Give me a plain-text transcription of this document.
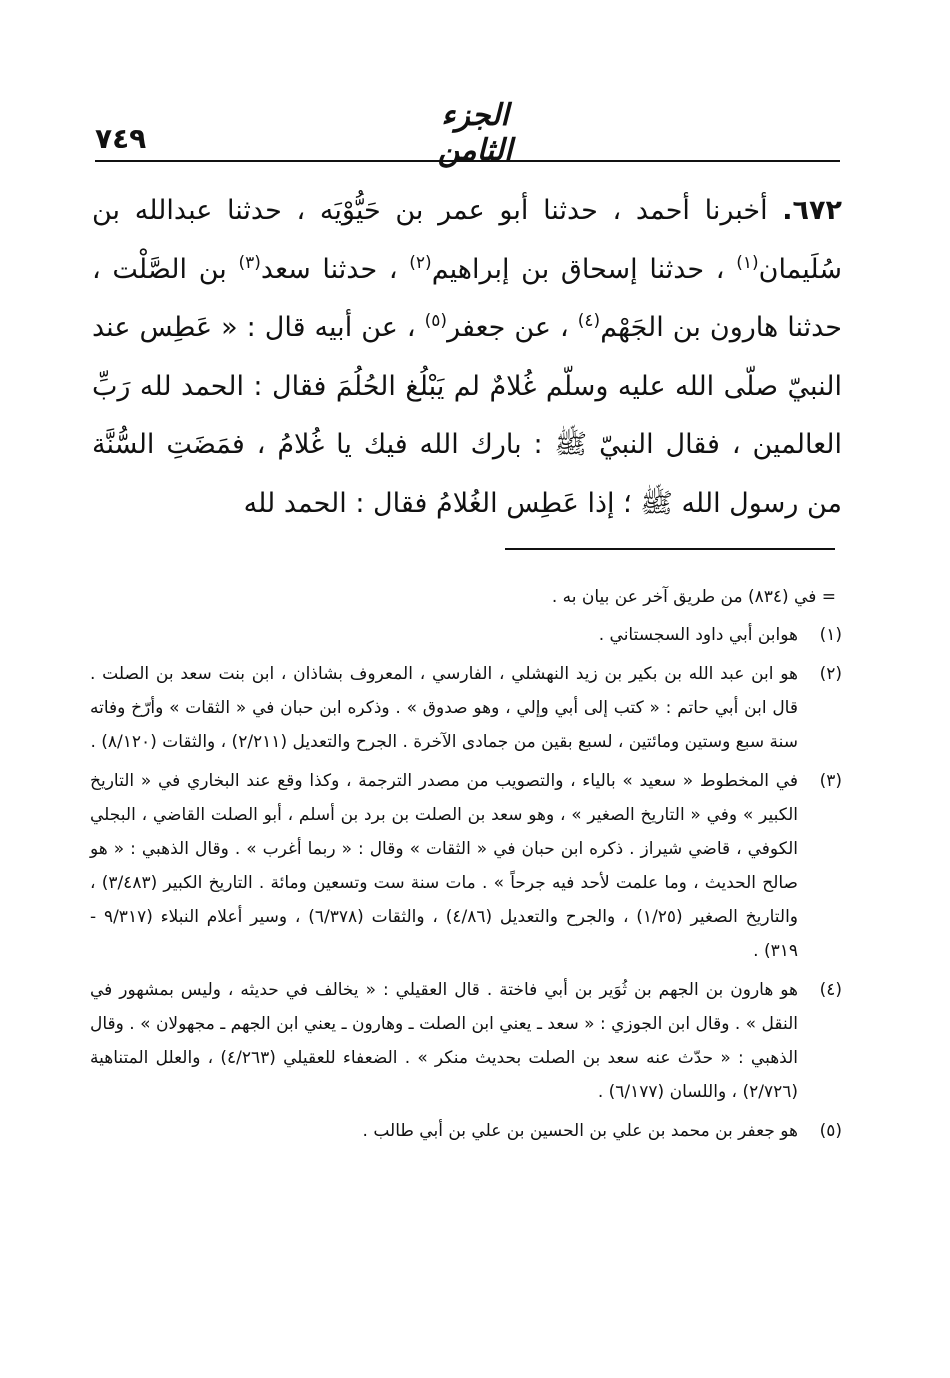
٧٤٩
الجزء الثامن
٦٧٢. أخبرنا أحمد ، حدثنا أبو عمر بن حَيُّوْيَه ، حدثنا عبدالله بن سُلَيمان$^{(١)}$ ، حدثنا إسحاق بن إبراهيم$^{(٢)}$ ، حدثنا سعد$^{(٣)}$ بن الصَّلْت ، حدثنا هارون بن الجَهْم$^{(٤)}$ ، عن جعفر$^{(٥)}$ ، عن أبيه قال : « عَطِس عند النبيّ صلّى الله عليه وسلّم غُلامٌ لم يَبْلُغ الحُلُمَ فقال : الحمد لله رَبِّ العالمين ، فقال النبيّ ﷺ : بارك الله فيك يا غُلامُ ، فمَضَتِ السُّنَّة من رسول الله ﷺ ؛ إذا عَطِس الغُلامُ فقال : الحمد لله

= في (٨٣٤) من طريق آخر عن بيان به .

(١)
هوابن أبي داود السجستاني .
(٢)
هو ابن عبد الله بن بكير بن زيد النهشلي ، الفارسي ، المعروف بشاذان ، ابن بنت سعد بن الصلت . قال ابن أبي حاتم : « كتب إلى أبي وإلي ، وهو صدوق » . وذكره ابن حبان في « الثقات » وأرّخ وفاته سنة سبع وستين ومائتين ، لسبع بقين من جمادى الآخرة . الجرح والتعديل (٢/٢١١) ، والثقات (٨/١٢٠) .
(٣)
في المخطوط « سعيد » بالياء ، والتصويب من مصدر الترجمة ، وكذا وقع عند البخاري في « التاريخ الكبير » وفي « التاريخ الصغير » ، وهو سعد بن الصلت بن برد بن أسلم ، أبو الصلت القاضي ، البجلي الكوفي ، قاضي شيراز . ذكره ابن حبان في « الثقات » وقال : « ربما أغرب » . وقال الذهبي : « هو صالح الحديث ، وما علمت لأحد فيه جرحاً » . مات سنة ست وتسعين ومائة . التاريخ الكبير (٣/٤٨٣) ، والتاريخ الصغير (١/٢٥) ، والجرح والتعديل (٤/٨٦) ، والثقات (٦/٣٧٨) ، وسير أعلام النبلاء (٩/٣١٧ - ٣١٩) .
(٤)
هو هارون بن الجهم بن ثُوَير بن أبي فاختة . قال العقيلي : « يخالف في حديثه ، وليس بمشهور في النقل » . وقال ابن الجوزي : « سعد ـ يعني ابن الصلت ـ وهارون ـ يعني ابن الجهم ـ مجهولان » . وقال الذهبي : « حدّث عنه سعد بن الصلت بحديث منكر » . الضعفاء للعقيلي (٤/٢٦٣) ، والعلل المتناهية (٢/٧٢٦) ، واللسان (٦/١٧٧) .
(٥)
هو جعفر بن محمد بن علي بن الحسين بن علي بن أبي طالب .
